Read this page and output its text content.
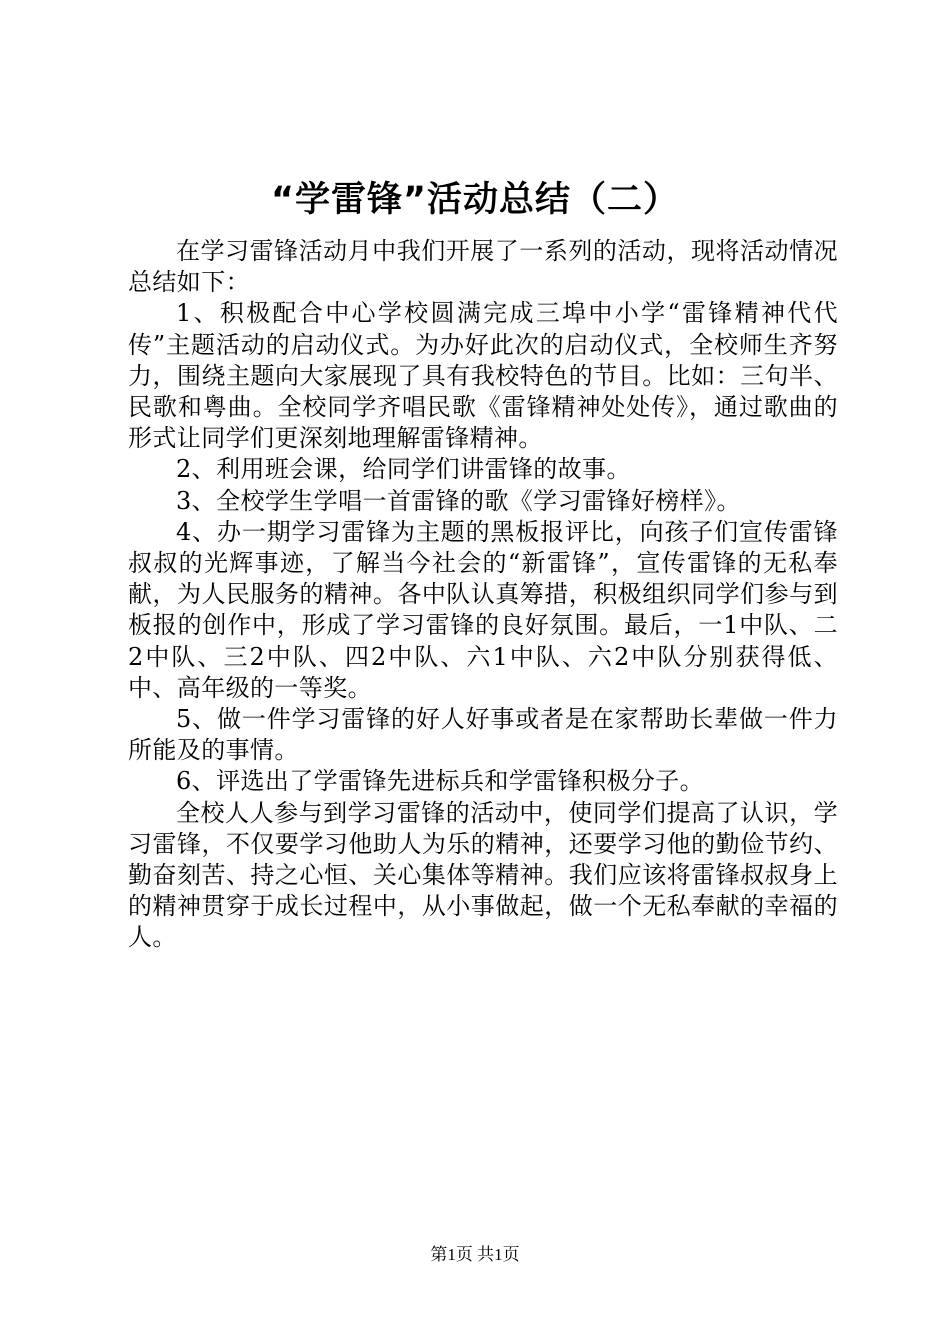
“学雷锋”活动总结（二）

在学习雷锋活动月中我们开展了一系列的活动，现将活动情况总结如下：

1、积极配合中心学校圆满完成三埠中小学“雷锋精神代代传”主题活动的启动仪式。为办好此次的启动仪式，全校师生齐努力，围绕主题向大家展现了具有我校特色的节目。比如：三句半、民歌和粤曲。全校同学齐唱民歌《雷锋精神处处传》，通过歌曲的形式让同学们更深刻地理解雷锋精神。

2、利用班会课，给同学们讲雷锋的故事。

3、全校学生学唱一首雷锋的歌《学习雷锋好榜样》。

4、办一期学习雷锋为主题的黑板报评比，向孩子们宣传雷锋叔叔的光辉事迹，了解当今社会的“新雷锋”，宣传雷锋的无私奉献，为人民服务的精神。各中队认真筹措，积极组织同学们参与到板报的创作中，形成了学习雷锋的良好氛围。最后，一1中队、二2中队、三2中队、四2中队、六1中队、六2中队分别获得低、中、高年级的一等奖。

5、做一件学习雷锋的好人好事或者是在家帮助长辈做一件力所能及的事情。

6、评选出了学雷锋先进标兵和学雷锋积极分子。

全校人人参与到学习雷锋的活动中，使同学们提高了认识，学习雷锋，不仅要学习他助人为乐的精神，还要学习他的勤俭节约、勤奋刻苦、持之心恒、关心集体等精神。我们应该将雷锋叔叔身上的精神贯穿于成长过程中，从小事做起，做一个无私奉献的幸福的人。

第1页 共1页
